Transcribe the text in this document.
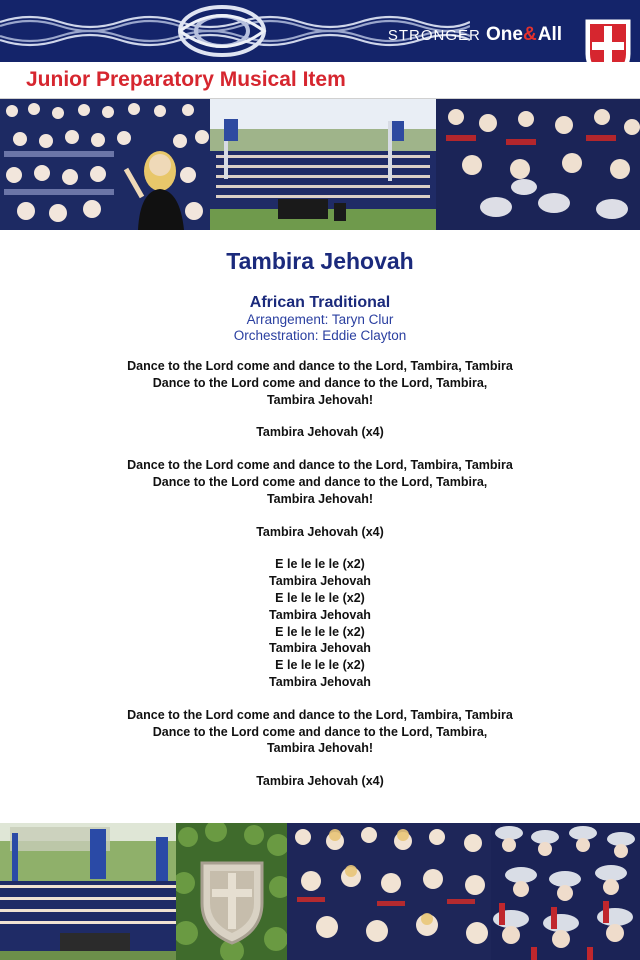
STRONGER One&All
Junior Preparatory Musical Item
Tambira Jehovah
African Traditional
Arrangement: Taryn Clur
Orchestration: Eddie Clayton
Dance to the Lord come and dance to the Lord, Tambira, Tambira
Dance to the Lord come and dance to the Lord, Tambira,
Tambira Jehovah!
Tambira Jehovah (x4)
Dance to the Lord come and dance to the Lord, Tambira, Tambira
Dance to the Lord come and dance to the Lord, Tambira,
Tambira Jehovah!
Tambira Jehovah (x4)
E le le le le (x2)
Tambira Jehovah
E le le le le (x2)
Tambira Jehovah
E le le le le (x2)
Tambira Jehovah
E le le le le (x2)
Tambira Jehovah
Dance to the Lord come and dance to the Lord, Tambira, Tambira
Dance to the Lord come and dance to the Lord, Tambira,
Tambira Jehovah!
Tambira Jehovah (x4)
